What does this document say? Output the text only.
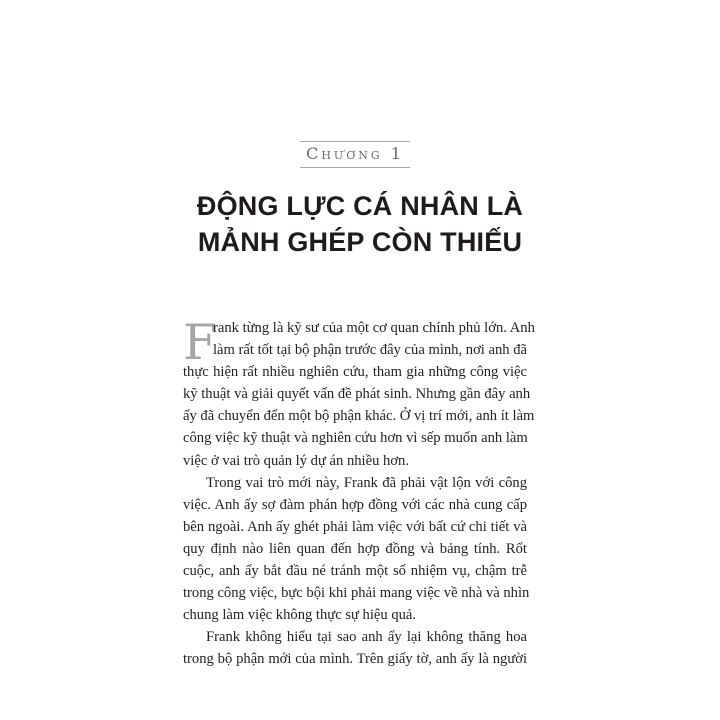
Chương 1
ĐỘNG LỰC CÁ NHÂN LÀ
MẢNH GHÉP CÒN THIẾU
F
rank từng là kỹ sư của một cơ quan chính phủ lớn. Anh
làm rất tốt tại bộ phận trước đây của mình, nơi anh đã
thực hiện rất nhiều nghiên cứu, tham gia những công việc
kỹ thuật và giải quyết vấn đề phát sinh. Nhưng gần đây anh
ấy đã chuyển đến một bộ phận khác. Ở vị trí mới, anh ít làm
công việc kỹ thuật và nghiên cứu hơn vì sếp muốn anh làm
việc ở vai trò quản lý dự án nhiều hơn.
Trong vai trò mới này, Frank đã phải vật lộn với công
việc. Anh ấy sợ đàm phán hợp đồng với các nhà cung cấp
bên ngoài. Anh ấy ghét phải làm việc với bất cứ chi tiết và
quy định nào liên quan đến hợp đồng và bảng tính. Rốt
cuộc, anh ấy bắt đầu né tránh một số nhiệm vụ, chậm trễ
trong công việc, bực bội khi phải mang việc về nhà và nhìn
chung làm việc không thực sự hiệu quả.
Frank không hiểu tại sao anh ấy lại không thăng hoa
trong bộ phận mới của mình. Trên giấy tờ, anh ấy là người
